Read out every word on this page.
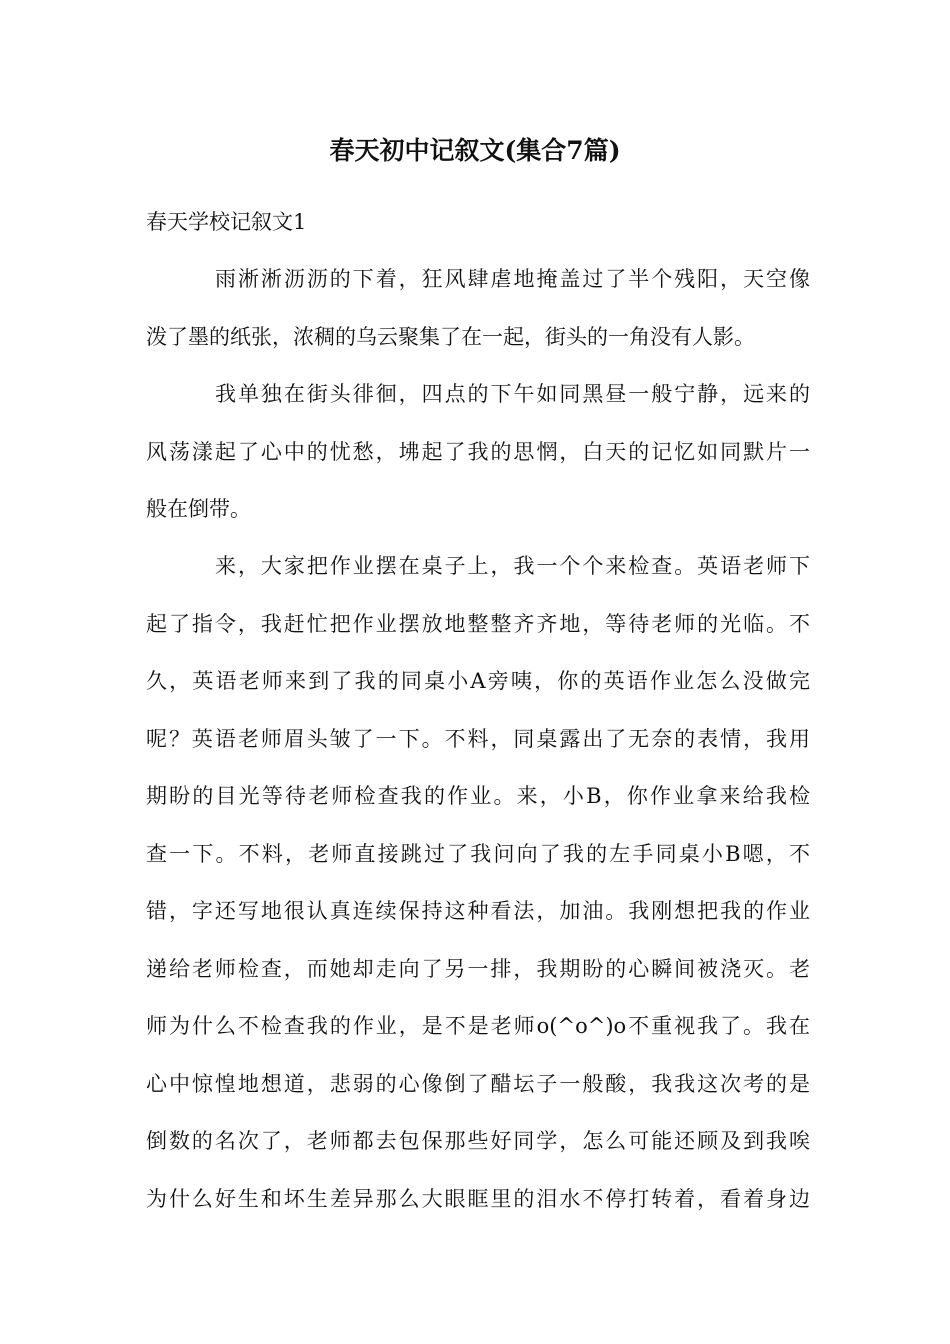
春天初中记叙文(集合7篇)

春天学校记叙文1

雨淅淅沥沥的下着，狂风肆虐地掩盖过了半个残阳，天空像
泼了墨的纸张，浓稠的乌云聚集了在一起，街头的一角没有人影。
我单独在街头徘徊，四点的下午如同黑昼一般宁静，远来的
风荡漾起了心中的忧愁，坲起了我的思惘，白天的记忆如同默片一
般在倒带。
来，大家把作业摆在桌子上，我一个个来检查。英语老师下
起了指令，我赶忙把作业摆放地整整齐齐地，等待老师的光临。不
久，英语老师来到了我的同桌小A旁咦，你的英语作业怎么没做完
呢？英语老师眉头皱了一下。不料，同桌露出了无奈的表情，我用
期盼的目光等待老师检查我的作业。来，小B，你作业拿来给我检
查一下。不料，老师直接跳过了我问向了我的左手同桌小B嗯，不
错，字还写地很认真连续保持这种看法，加油。我刚想把我的作业
递给老师检查，而她却走向了另一排，我期盼的心瞬间被浇灭。老
师为什么不检查我的作业，是不是老师o(^o^)o不重视我了。我在
心中惊惶地想道，悲弱的心像倒了醋坛子一般酸，我我这次考的是
倒数的名次了，老师都去包保那些好同学，怎么可能还顾及到我唉
为什么好生和坏生差异那么大眼眶里的泪水不停打转着，看着身边
